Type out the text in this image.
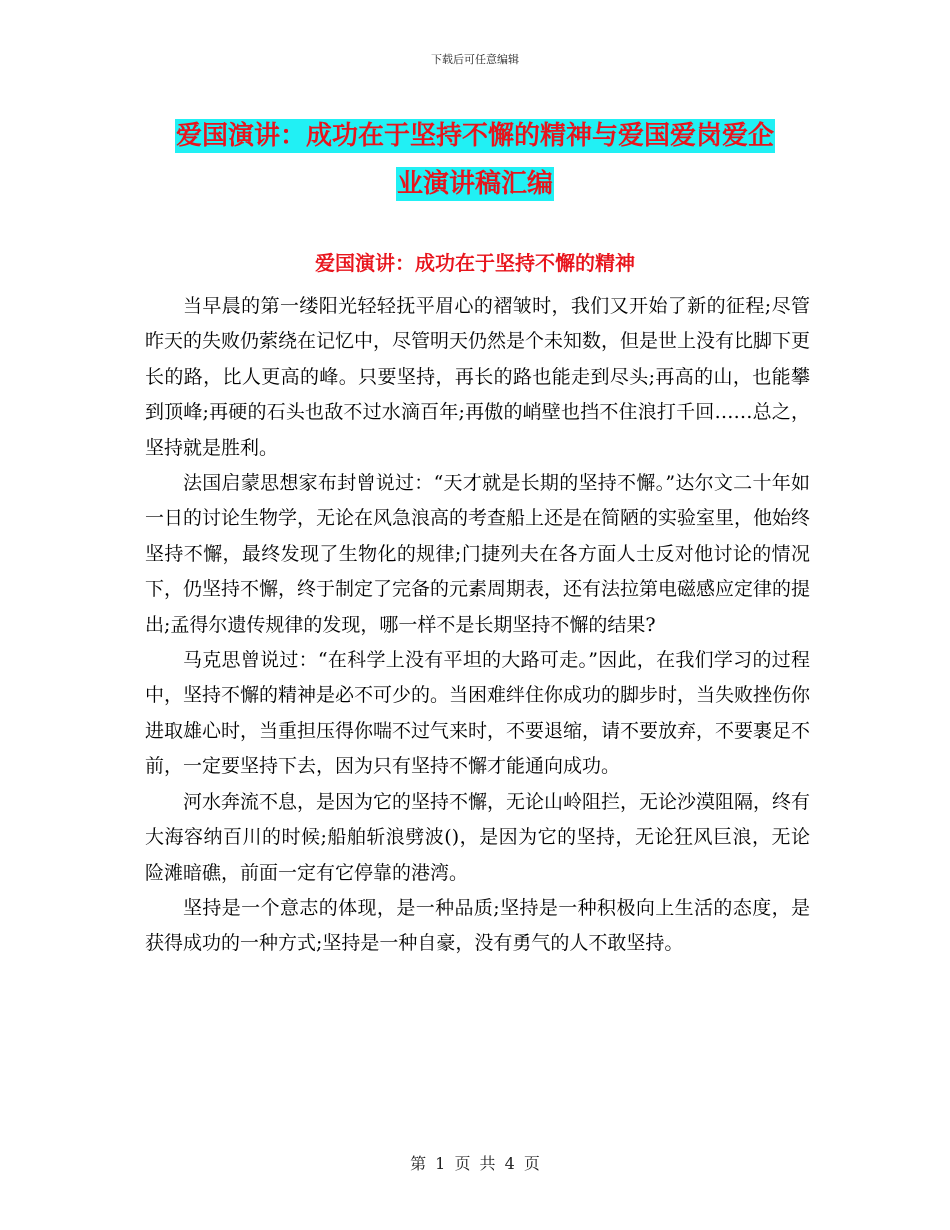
下载后可任意编辑
爱国演讲：成功在于坚持不懈的精神与爱国爱岗爱企
业演讲稿汇编
爱国演讲：成功在于坚持不懈的精神

当早晨的第一缕阳光轻轻抚平眉心的褶皱时，我们又开始了新的征程;尽管昨天的失败仍萦绕在记忆中，尽管明天仍然是个未知数，但是世上没有比脚下更长的路，比人更高的峰。只要坚持，再长的路也能走到尽头;再高的山，也能攀到顶峰;再硬的石头也敌不过水滴百年;再傲的峭壁也挡不住浪打千回……总之，坚持就是胜利。

法国启蒙思想家布封曾说过：“天才就是长期的坚持不懈。”达尔文二十年如一日的讨论生物学，无论在风急浪高的考查船上还是在简陋的实验室里，他始终坚持不懈，最终发现了生物化的规律;门捷列夫在各方面人士反对他讨论的情况下，仍坚持不懈，终于制定了完备的元素周期表，还有法拉第电磁感应定律的提出;孟得尔遗传规律的发现，哪一样不是长期坚持不懈的结果?

马克思曾说过：“在科学上没有平坦的大路可走。”因此，在我们学习的过程中，坚持不懈的精神是必不可少的。当困难绊住你成功的脚步时，当失败挫伤你进取雄心时，当重担压得你喘不过气来时，不要退缩，请不要放弃，不要裹足不前，一定要坚持下去，因为只有坚持不懈才能通向成功。

河水奔流不息，是因为它的坚持不懈，无论山岭阻拦，无论沙漠阻隔，终有大海容纳百川的时候;船舶斩浪劈波()，是因为它的坚持，无论狂风巨浪，无论险滩暗礁，前面一定有它停靠的港湾。

坚持是一个意志的体现，是一种品质;坚持是一种积极向上生活的态度，是获得成功的一种方式;坚持是一种自豪，没有勇气的人不敢坚持。

第 1 页 共 4 页
